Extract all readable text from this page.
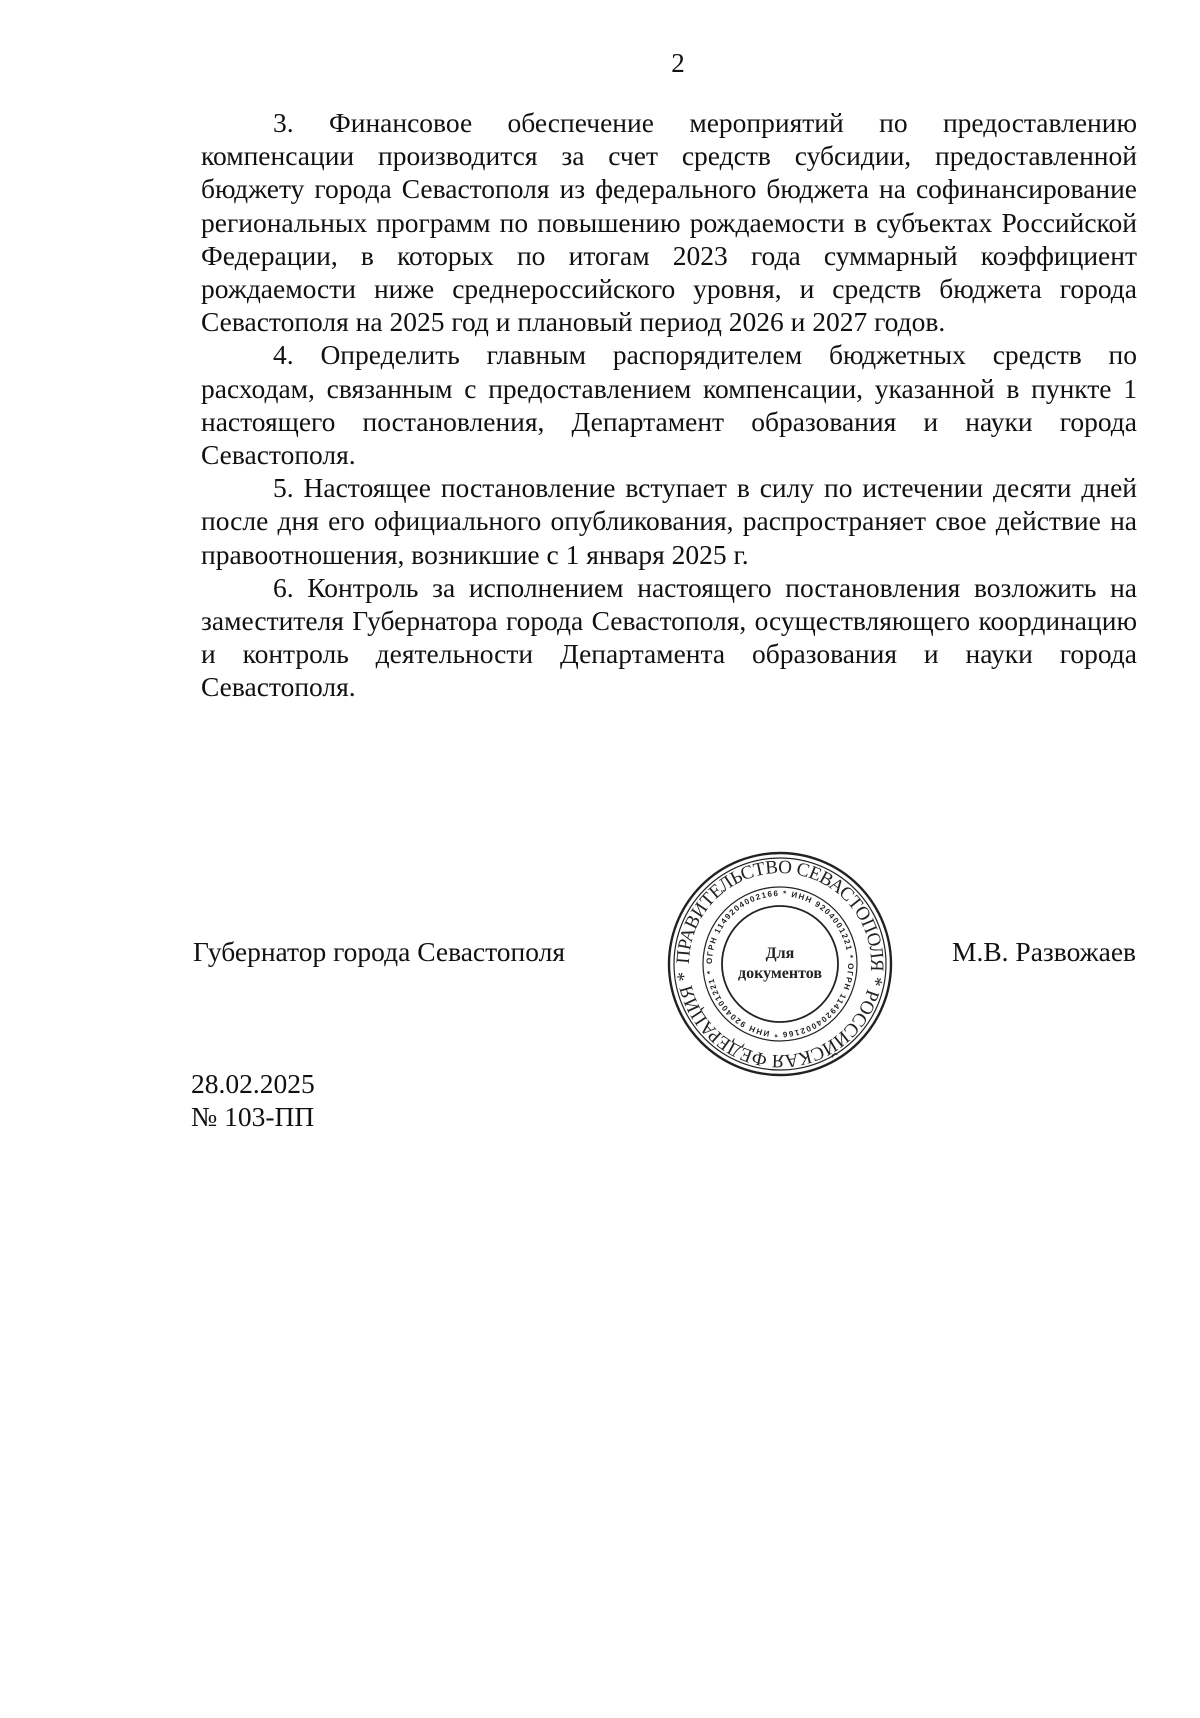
2

3. Финансовое обеспечение мероприятий по предоставлению компенсации производится за счет средств субсидии, предоставленной бюджету города Севастополя из федерального бюджета на софинансирование региональных программ по повышению рождаемости в субъектах Российской Федерации, в которых по итогам 2023 года суммарный коэффициент рождаемости ниже среднероссийского уровня, и средств бюджета города Севастополя на 2025 год и плановый период 2026 и 2027 годов.

4. Определить главным распорядителем бюджетных средств по расходам, связанным с предоставлением компенсации, указанной в пункте 1 настоящего постановления, Департамент образования и науки города Севастополя.

5. Настоящее постановление вступает в силу по истечении десяти дней после дня его официального опубликования, распространяет свое действие на правоотношения, возникшие с 1 января 2025 г.

6. Контроль за исполнением настоящего постановления возложить на заместителя Губернатора города Севастополя, осуществляющего координацию и контроль деятельности Департамента образования и науки города Севастополя.

Губернатор города Севастополя	М.В. Развожаев
ПРАВИТЕЛЬСТВО СЕВАСТОПОЛЯ * РОССИЙСКАЯ ФЕДЕРАЦИЯ *
ОГРН 1149204002166 * ИНН 9204001221 * ОГРН 1149204002166 * ИНН 9204001221 *
Для
документов
28.02.2025
№ 103-ПП
